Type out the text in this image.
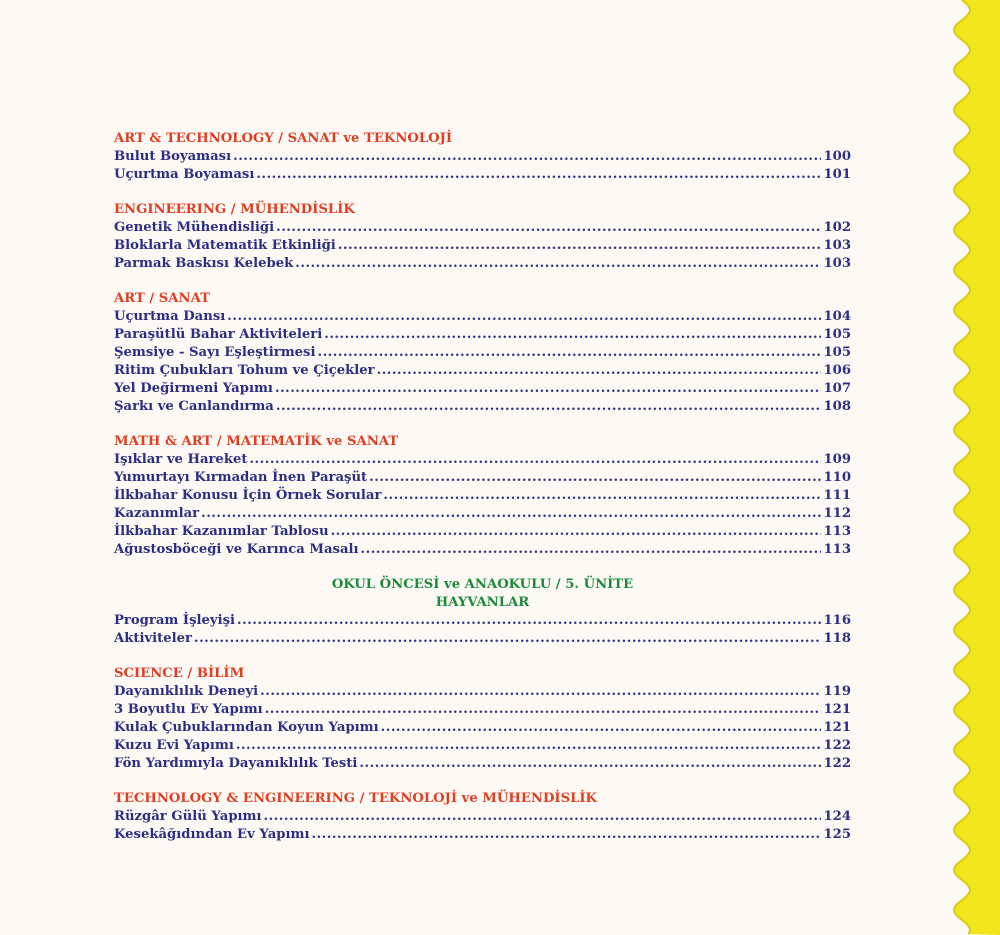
ART & TECHNOLOGY / SANAT ve TEKNOLOJİ
Bulut Boyaması .....	100
Uçurtma Boyaması .....	101
ENGINEERING / MÜHENDİSLİK
Genetik Mühendisliği .....	102
Bloklarla Matematik Etkinliği .....	103
Parmak Baskısı Kelebek .....	103
ART / SANAT
Uçurtma Dansı .....	104
Paraşütlü Bahar Aktiviteleri .....	105
Şemsiye - Sayı Eşleştirmesi .....	105
Ritim Çubukları Tohum ve Çiçekler .....	106
Yel Değirmeni Yapımı .....	107
Şarkı ve Canlandırma .....	108
MATH & ART / MATEMATİK ve SANAT
Işıklar ve Hareket .....	109
Yumurtayı Kırmadan İnen Paraşüt .....	110
İlkbahar Konusu İçin Örnek Sorular .....	111
Kazanımlar .....	112
İlkbahar Kazanımlar Tablosu .....	113
Ağustosböceği ve Karınca Masalı .....	113
OKUL ÖNCESİ ve ANAOKULU / 5. ÜNİTE
HAYVANLAR
Program İşleyişi .....	116
Aktiviteler .....	118
SCIENCE / BİLİM
Dayanıklılık Deneyi .....	119
3 Boyutlu Ev Yapımı .....	121
Kulak Çubuklarından Koyun Yapımı .....	121
Kuzu Evi Yapımı .....	122
Fön Yardımıyla Dayanıklılık Testi .....	122
TECHNOLOGY & ENGINEERING / TEKNOLOJİ ve MÜHENDİSLİK
Rüzgâr Gülü Yapımı .....	124
Kesekâğıdından Ev Yapımı .....	125
